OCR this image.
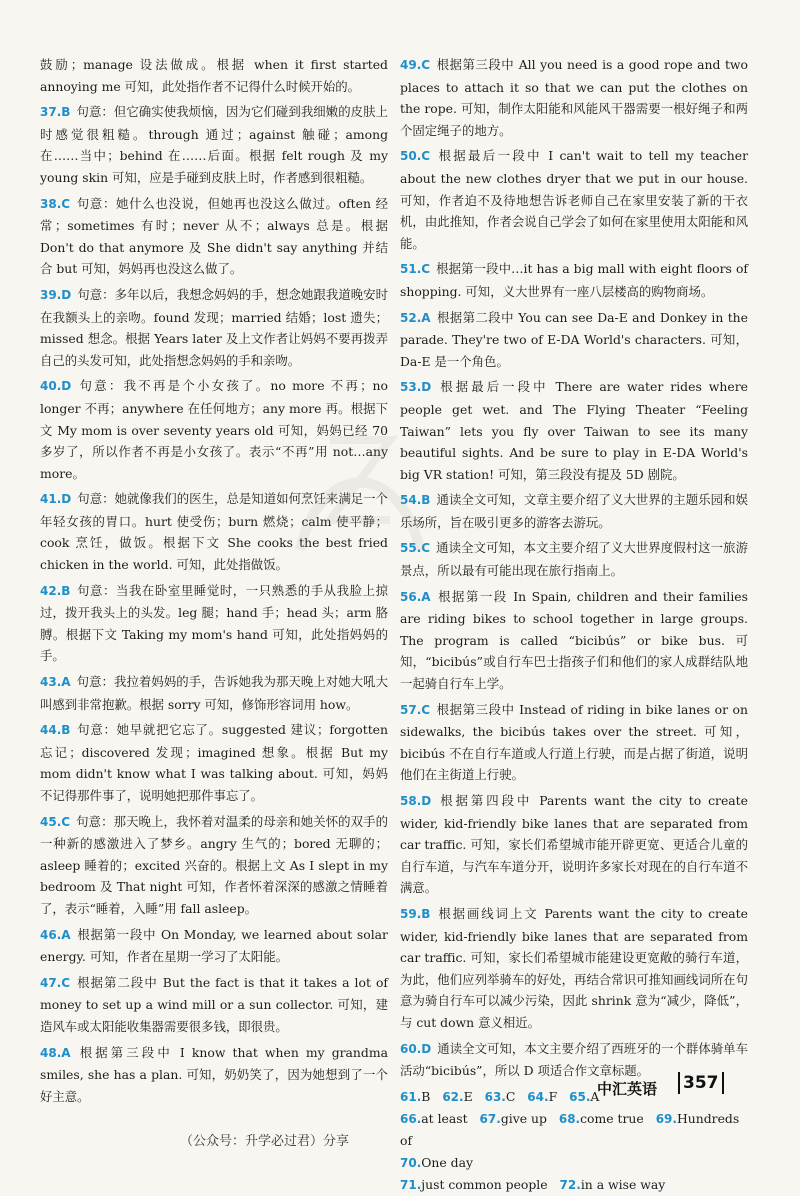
鼓励；manage 设法做成。根据 when it first started annoying me 可知，此处指作者不记得什么时候开始的。

37.B 句意：但它确实使我烦恼，因为它们碰到我细嫩的皮肤上时感觉很粗糙。through 通过；against 触碰；among 在……当中；behind 在……后面。根据 felt rough 及 my young skin 可知，应是手碰到皮肤上时，作者感到很粗糙。

38.C 句意：她什么也没说，但她再也没这么做过。often 经常；sometimes 有时；never 从不；always 总是。根据 Don't do that anymore 及 She didn't say anything 并结合 but 可知，妈妈再也没这么做了。

39.D 句意：多年以后，我想念妈妈的手，想念她跟我道晚安时在我额头上的亲吻。found 发现；married 结婚；lost 遗失；missed 想念。根据 Years later 及上文作者让妈妈不要再拨弄自己的头发可知，此处指想念妈妈的手和亲吻。

40.D 句意：我不再是个小女孩了。no more 不再；no longer 不再；anywhere 在任何地方；any more 再。根据下文 My mom is over seventy years old 可知，妈妈已经 70 多岁了，所以作者不再是小女孩了。表示“不再”用 not…any more。

41.D 句意：她就像我们的医生，总是知道如何烹饪来满足一个年轻女孩的胃口。hurt 使受伤；burn 燃烧；calm 使平静；cook 烹饪，做饭。根据下文 She cooks the best fried chicken in the world. 可知，此处指做饭。

42.B 句意：当我在卧室里睡觉时，一只熟悉的手从我脸上掠过，拨开我头上的头发。leg 腿；hand 手；head 头；arm 胳膊。根据下文 Taking my mom's hand 可知，此处指妈妈的手。

43.A 句意：我拉着妈妈的手，告诉她我为那天晚上对她大吼大叫感到非常抱歉。根据 sorry 可知，修饰形容词用 how。

44.B 句意：她早就把它忘了。suggested 建议；forgotten 忘记；discovered 发现；imagined 想象。根据 But my mom didn't know what I was talking about. 可知，妈妈不记得那件事了，说明她把那件事忘了。

45.C 句意：那天晚上，我怀着对温柔的母亲和她关怀的双手的一种新的感激进入了梦乡。angry 生气的；bored 无聊的；asleep 睡着的；excited 兴奋的。根据上文 As I slept in my bedroom 及 That night 可知，作者怀着深深的感激之情睡着了，表示“睡着，入睡”用 fall asleep。

46.A 根据第一段中 On Monday, we learned about solar energy. 可知，作者在星期一学习了太阳能。

47.C 根据第二段中 But the fact is that it takes a lot of money to set up a wind mill or a sun collector. 可知，建造风车或太阳能收集器需要很多钱，即很贵。

48.A 根据第三段中 I know that when my grandma smiles, she has a plan. 可知，奶奶笑了，因为她想到了一个好主意。

49.C 根据第三段中 All you need is a good rope and two places to attach it so that we can put the clothes on the rope. 可知，制作太阳能和风能风干器需要一根好绳子和两个固定绳子的地方。

50.C 根据最后一段中 I can't wait to tell my teacher about the new clothes dryer that we put in our house. 可知，作者迫不及待地想告诉老师自己在家里安装了新的干衣机，由此推知，作者会说自己学会了如何在家里使用太阳能和风能。

51.C 根据第一段中…it has a big mall with eight floors of shopping. 可知，义大世界有一座八层楼高的购物商场。

52.A 根据第二段中 You can see Da-E and Donkey in the parade. They're two of E-DA World's characters. 可知，Da-E 是一个角色。

53.D 根据最后一段中 There are water rides where people get wet. and The Flying Theater “Feeling Taiwan” lets you fly over Taiwan to see its many beautiful sights. And be sure to play in E-DA World's big VR station! 可知，第三段没有提及 5D 剧院。

54.B 通读全文可知，文章主要介绍了义大世界的主题乐园和娱乐场所，旨在吸引更多的游客去游玩。

55.C 通读全文可知，本文主要介绍了义大世界度假村这一旅游景点，所以最有可能出现在旅行指南上。

56.A 根据第一段 In Spain, children and their families are riding bikes to school together in large groups. The program is called “bicibús” or bike bus. 可知，“bicibús”或自行车巴士指孩子们和他们的家人成群结队地一起骑自行车上学。

57.C 根据第三段中 Instead of riding in bike lanes or on sidewalks, the bicibús takes over the street. 可知，bicibús 不在自行车道或人行道上行驶，而是占据了街道，说明他们在主街道上行驶。

58.D 根据第四段中 Parents want the city to create wider, kid-friendly bike lanes that are separated from car traffic. 可知，家长们希望城市能开辟更宽、更适合儿童的自行车道，与汽车车道分开，说明许多家长对现在的自行车道不满意。

59.B 根据画线词上文 Parents want the city to create wider, kid-friendly bike lanes that are separated from car traffic. 可知，家长们希望城市能建设更宽敞的骑行车道，为此，他们应列举骑车的好处，再结合常识可推知画线词所在句意为骑自行车可以减少污染，因此 shrink 意为“减少，降低”，与 cut down 意义相近。

60.D 通读全文可知，本文主要介绍了西班牙的一个群体骑单车活动“bicibús”，所以 D 项适合作文章标题。

61.B 62.E 63.C 64.F 65.A
66.at least 67.give up 68.come true 69.Hundreds of
70.One day
71.just common people 72.in a wise way
中汇英语 357
（公众号：升学必过君）分享
